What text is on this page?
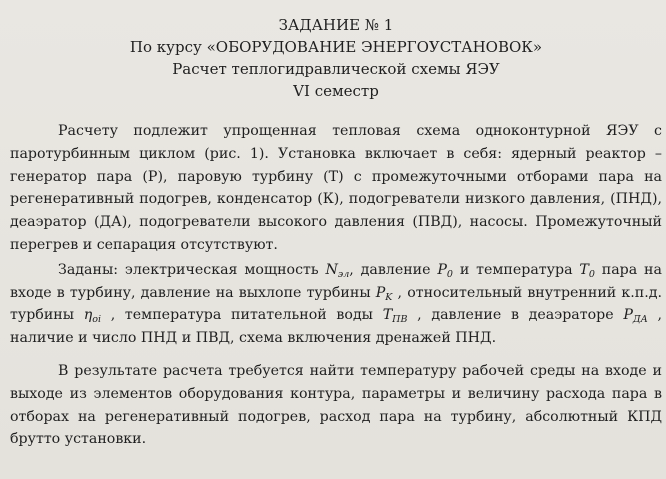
ЗАДАНИЕ № 1
По курсу «ОБОРУДОВАНИЕ ЭНЕРГОУСТАНОВОК»
Расчет теплогидравлической схемы ЯЭУ
VI семестр

Расчету подлежит упрощенная тепловая схема одноконтурной ЯЭУ с паротурбинным циклом (рис. 1). Установка включает в себя: ядерный реактор – генератор пара (Р), паровую турбину (Т) с промежуточными отборами пара на регенеративный подогрев, конденсатор (К), подогреватели низкого давления, (ПНД), деаэратор (ДА), подогреватели высокого давления (ПВД), насосы. Промежуточный перегрев и сепарация отсутствуют.

Заданы: электрическая мощность $N_{эл}$, давление $P_0$ и температура $T_0$ пара на входе в турбину, давление на выхлопе турбины $P_K$ , относительный внутренний к.п.д. турбины $\eta_{oi}$ , температура питательной воды $T_{ПВ}$ , давление в деаэраторе $P_{ДА}$ , наличие и число ПНД и ПВД, схема включения дренажей ПНД.

В результате расчета требуется найти температуру рабочей среды на входе и выходе из элементов оборудования контура, параметры и величину расхода пара в отборах на регенеративный подогрев, расход пара на турбину, абсолютный КПД брутто установки.
